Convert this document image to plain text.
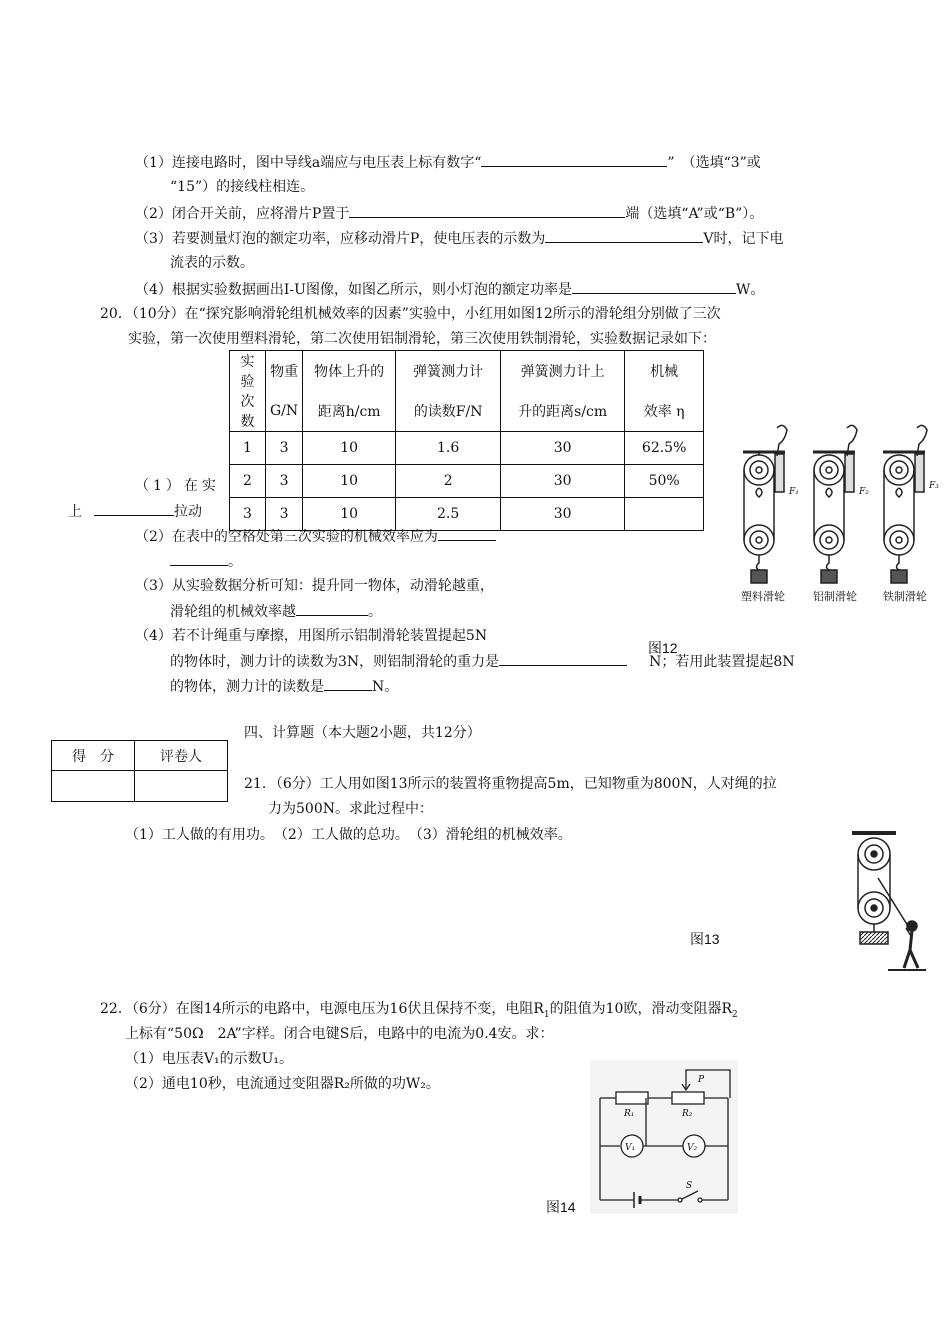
（1）连接电路时，图中导线a端应与电压表上标有数字“	”　（选填“3”或
“15”）的接线柱相连。
（2）闭合开关前，应将滑片P置于	端（选填“A”或“B”）。
（3）若要测量灯泡的额定功率，应移动滑片P，使电压表的示数为	V时，记下电
流表的示数。
（4）根据实验数据画出I-U图像，如图乙所示，则小灯泡的额定功率是	W。
20．（10分）在“探究影响滑轮组机械效率的因素”实验中，小红用如图12所示的滑轮组分别做了三次
实验，第一次使用塑料滑轮，第二次使用铝制滑轮，第三次使用铁制滑轮，实验数据记录如下：
实验	物重	物体上升的	弹簧测力计	弹簧测力计上	机械
次数	G/N	距离h/cm	的读数F/N	升的距离s/cm	效率 η
1	3	10	1.6	30	62.5%
2	3	10	2	30	50%
3	3	10	2.5	30	
（1）在实
上	拉动
（2）在表中的空格处第三次实验的机械效率应为
。
（3）从实验数据分析可知：提升同一物体，动滑轮越重，
滑轮组的机械效率越	。
（4）若不计绳重与摩擦，用图所示铝制滑轮装置提起5N
的物体时，测力计的读数为3N，则铝制滑轮的重力是	N；若用此装置提起8N
的物体，测力计的读数是	N。
F₁	F₂
F₃
塑料滑轮	铝制滑轮 铁制滑轮
图12
得　分	评卷人

四、计算题（本大题2小题，共12分）
21．（6分）工人用如图13所示的装置将重物提高5m，已知物重为800N，人对绳的拉
力为500N。求此过程中：
（1）工人做的有用功。　（2）工人做的总功。　（3）滑轮组的机械效率。
图13
22．（6分）在图14所示的电路中，电源电压为16伏且保持不变，电阻$R_1$的阻值为10欧，滑动变阻器$R_2$
上标有“50Ω　2A”字样。闭合电键S后，电路中的电流为0.4安。求：
（1）电压表V₁的示数U₁。
（2）通电10秒，电流通过变阻器R₂所做的功W₂。	P
R₁	R₂
V₁	V₂
S
图14
